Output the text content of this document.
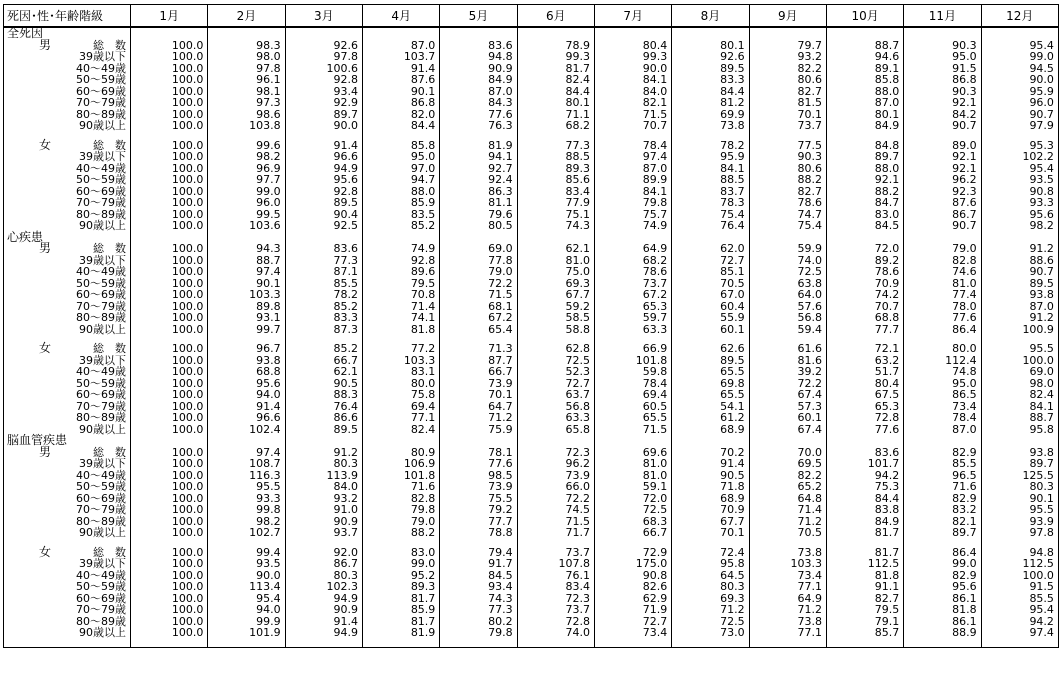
死因･性･年齢階級	1月	2月	3月	4月	5月	6月	7月	8月	9月	10月	11月	12月
全死因												

男 総　数	100.0	98.3	92.6	87.0	83.6	78.9	80.4	80.1	79.7	88.7	90.3	95.4
39歳以下	100.0	98.0	97.8	103.7	94.8	99.3	99.3	92.6	93.2	94.6	95.0	99.0
40～49歳	100.0	97.8	100.6	91.4	90.9	81.7	90.0	89.5	82.2	89.1	91.5	94.5
50～59歳	100.0	96.1	92.8	87.6	84.9	82.4	84.1	83.3	80.6	85.8	86.8	90.0
60～69歳	100.0	98.1	93.4	90.1	87.0	84.4	84.0	84.4	82.7	88.0	90.3	95.9
70～79歳	100.0	97.3	92.9	86.8	84.3	80.1	82.1	81.2	81.5	87.0	92.1	96.0
80～89歳	100.0	98.6	89.7	82.0	77.6	71.1	71.5	69.9	70.1	80.1	84.2	90.7
90歳以上	100.0	103.8	90.0	84.4	76.3	68.2	70.7	73.8	73.7	84.9	90.7	97.9

女 総　数	100.0	99.6	91.4	85.8	81.9	77.3	78.4	78.2	77.5	84.8	89.0	95.3
39歳以下	100.0	98.2	96.6	95.0	94.1	88.5	97.4	95.9	90.3	89.7	92.1	102.2
40～49歳	100.0	96.9	94.9	97.0	92.7	89.3	87.0	84.1	80.6	88.0	92.1	95.4
50～59歳	100.0	97.7	95.6	94.7	92.4	85.6	89.9	88.5	88.2	92.1	96.2	93.5
60～69歳	100.0	99.0	92.8	88.0	86.3	83.4	84.1	83.7	82.7	88.2	92.3	90.8
70～79歳	100.0	96.0	89.5	85.9	81.1	77.9	79.8	78.3	78.6	84.7	87.6	93.3
80～89歳	100.0	99.5	90.4	83.5	79.6	75.1	75.7	75.4	74.7	83.0	86.7	95.6
90歳以上	100.0	103.6	92.5	85.2	80.5	74.3	74.9	76.4	75.4	84.5	90.7	98.2
心疾患												

男 総　数	100.0	94.3	83.6	74.9	69.0	62.1	64.9	62.0	59.9	72.0	79.0	91.2
39歳以下	100.0	88.7	77.3	92.8	77.8	81.0	68.2	72.7	74.0	89.2	82.8	88.6
40～49歳	100.0	97.4	87.1	89.6	79.0	75.0	78.6	85.1	72.5	78.6	74.6	90.7
50～59歳	100.0	90.1	85.5	79.5	72.2	69.3	73.7	70.5	63.8	70.9	81.0	89.5
60～69歳	100.0	103.3	78.2	70.8	71.5	67.7	67.2	67.0	64.0	74.2	77.4	93.8
70～79歳	100.0	89.8	85.2	71.4	68.1	59.2	65.3	60.4	57.6	70.7	78.0	87.0
80～89歳	100.0	93.1	83.3	74.1	67.2	58.5	59.7	55.9	56.8	68.8	77.6	91.2
90歳以上	100.0	99.7	87.3	81.8	65.4	58.8	63.3	60.1	59.4	77.7	86.4	100.9

女 総　数	100.0	96.7	85.2	77.2	71.3	62.8	66.9	62.6	61.6	72.1	80.0	95.5
39歳以下	100.0	93.8	66.7	103.3	87.7	72.5	101.8	89.5	81.6	63.2	112.4	100.0
40～49歳	100.0	68.8	62.1	83.1	66.7	52.3	59.8	65.5	39.2	51.7	74.8	69.0
50～59歳	100.0	95.6	90.5	80.0	73.9	72.7	78.4	69.8	72.2	80.4	95.0	98.0
60～69歳	100.0	94.0	88.3	75.8	70.1	63.7	69.4	65.5	67.4	67.5	86.5	82.4
70～79歳	100.0	91.4	76.4	69.4	64.7	56.8	60.5	54.1	57.3	65.3	73.4	84.1
80～89歳	100.0	96.6	86.6	77.1	71.2	63.3	65.5	61.2	60.1	72.8	78.4	88.7
90歳以上	100.0	102.4	89.5	82.4	75.9	65.8	71.5	68.9	67.4	77.6	87.0	95.8
脳血管疾患												

男 総　数	100.0	97.4	91.2	80.9	78.1	72.3	69.6	70.2	70.0	83.6	82.9	93.8
39歳以下	100.0	108.7	80.3	106.9	77.6	96.2	81.0	91.4	69.5	101.7	85.5	89.7
40～49歳	100.0	116.3	113.9	101.8	98.5	73.9	81.0	90.5	82.2	94.2	96.5	125.5
50～59歳	100.0	95.5	84.0	71.6	73.9	66.0	59.1	71.8	65.2	75.3	71.6	80.3
60～69歳	100.0	93.3	93.2	82.8	75.5	72.2	72.0	68.9	64.8	84.4	82.9	90.1
70～79歳	100.0	99.8	91.0	79.8	79.2	74.5	72.5	70.9	71.4	83.8	83.2	95.5
80～89歳	100.0	98.2	90.9	79.0	77.7	71.5	68.3	67.7	71.2	84.9	82.1	93.9
90歳以上	100.0	102.7	93.7	88.2	78.8	71.7	66.7	70.1	70.5	81.7	89.7	97.8

女 総　数	100.0	99.4	92.0	83.0	79.4	73.7	72.9	72.4	73.8	81.7	86.4	94.8
39歳以下	100.0	93.5	86.7	99.0	91.7	107.8	175.0	95.8	103.3	112.5	99.0	112.5
40～49歳	100.0	90.0	80.3	95.2	84.5	76.1	90.8	64.5	73.4	81.8	82.9	100.0
50～59歳	100.0	113.4	102.3	89.3	93.4	83.4	82.6	80.3	77.1	91.1	95.6	91.5
60～69歳	100.0	95.4	94.9	81.7	74.3	72.3	62.9	69.3	64.9	82.7	86.1	85.5
70～79歳	100.0	94.0	90.9	85.9	77.3	73.7	71.9	71.2	71.2	79.5	81.8	95.4
80～89歳	100.0	99.9	91.4	81.7	80.2	72.8	72.7	72.5	73.8	79.1	86.1	94.2
90歳以上	100.0	101.9	94.9	81.9	79.8	74.0	73.4	73.0	77.1	85.7	88.9	97.4
